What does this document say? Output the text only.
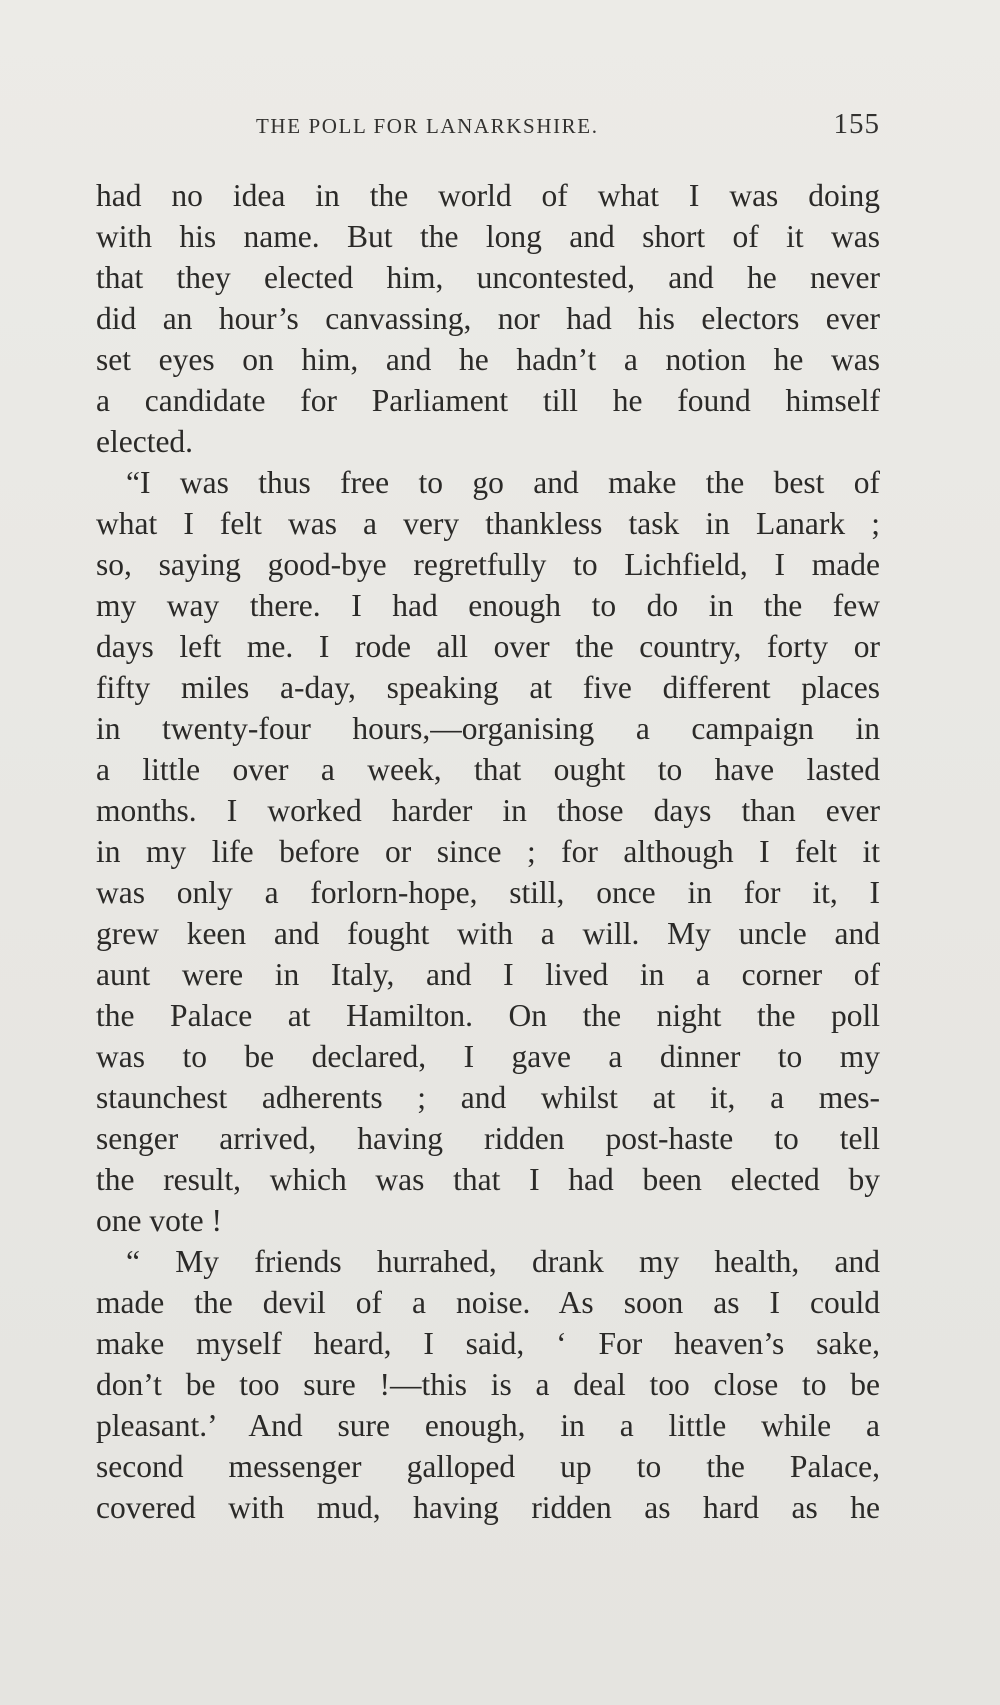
THE POLL FOR LANARKSHIRE.	155
had no idea in the world of what I was doing
with his name. But the long and short of it was
that they elected him, uncontested, and he never
did an hour’s canvassing, nor had his electors ever
set eyes on him, and he hadn’t a notion he was
a candidate for Parliament till he found himself
elected.
“I was thus free to go and make the best of
what I felt was a very thankless task in Lanark ;
so, saying good-bye regretfully to Lichfield, I made
my way there. I had enough to do in the few
days left me. I rode all over the country, forty or
fifty miles a-day, speaking at five different places
in twenty-four hours,—organising a campaign in
a little over a week, that ought to have lasted
months. I worked harder in those days than ever
in my life before or since ; for although I felt it
was only a forlorn-hope, still, once in for it, I
grew keen and fought with a will. My uncle and
aunt were in Italy, and I lived in a corner of
the Palace at Hamilton. On the night the poll
was to be declared, I gave a dinner to my
staunchest adherents ; and whilst at it, a mes-
senger arrived, having ridden post-haste to tell
the result, which was that I had been elected by
one vote !
“ My friends hurrahed, drank my health, and
made the devil of a noise. As soon as I could
make myself heard, I said, ‘ For heaven’s sake,
don’t be too sure !—this is a deal too close to be
pleasant.’ And sure enough, in a little while a
second messenger galloped up to the Palace,
covered with mud, having ridden as hard as he
